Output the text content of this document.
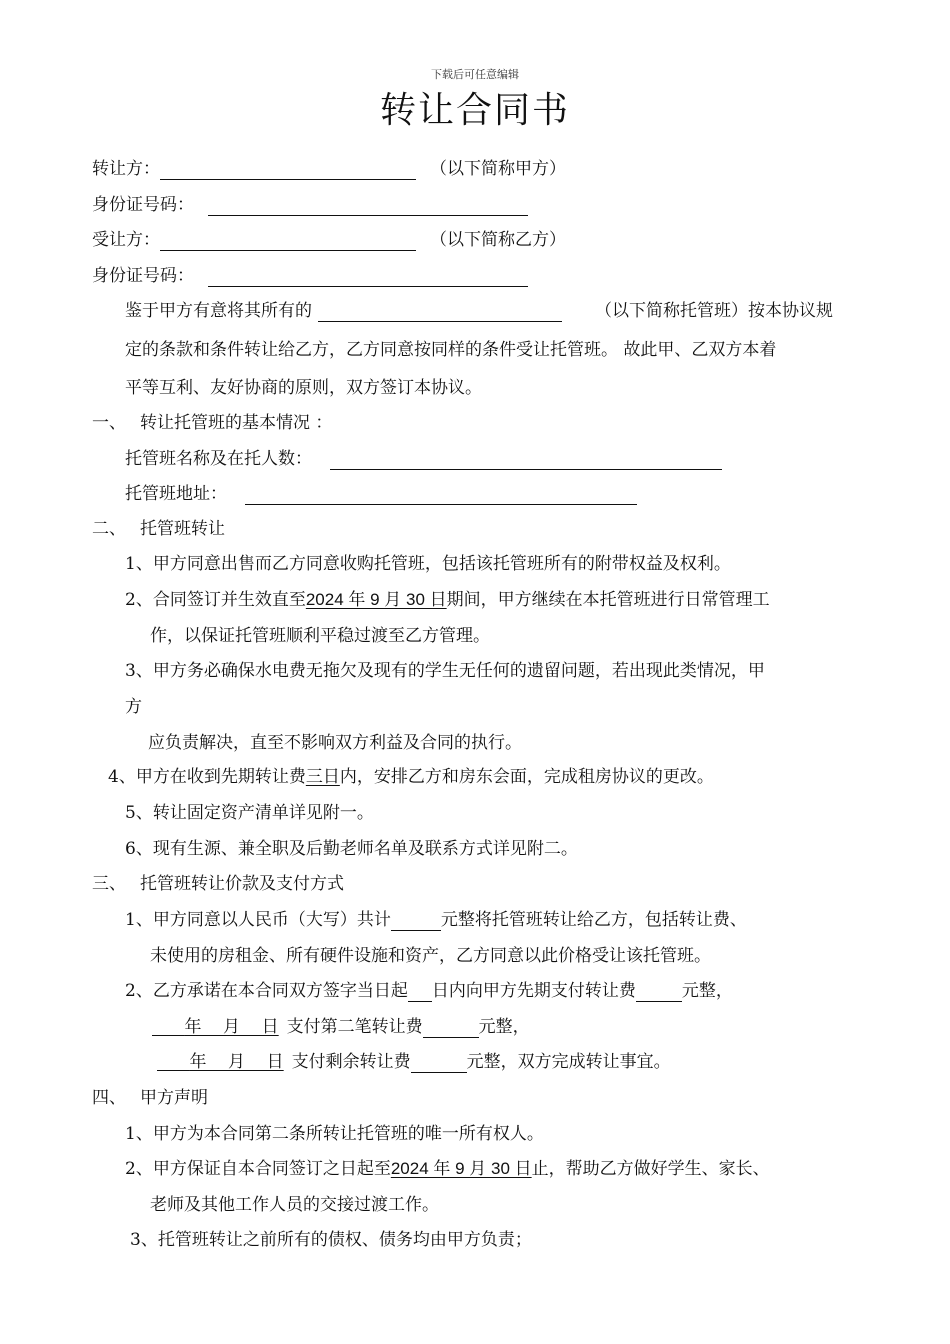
下载后可任意编辑
转让合同书
转让方：	（以下简称甲方）
身份证号码：
受让方：	（以下简称乙方）
身份证号码：
鉴于甲方有意将其所有的	（以下简称托管班）按本协议规
定的条款和条件转让给乙方，乙方同意按同样的条件受让托管班。 故此甲、乙双方本着
平等互利、友好协商的原则，双方签订本协议。
一、 转让托管班的基本情况 ：
托管班名称及在托人数：
托管班地址：
二、 托管班转让
1、甲方同意出售而乙方同意收购托管班，包括该托管班所有的附带权益及权利。
2、合同签订并生效直至2024 年 9 月 30 日期间，甲方继续在本托管班进行日常管理工
作，以保证托管班顺利平稳过渡至乙方管理。
3、甲方务必确保水电费无拖欠及现有的学生无任何的遗留问题，若出现此类情况，甲
方
应负责解决，直至不影响双方利益及合同的执行。
4、甲方在收到先期转让费三日内，安排乙方和房东会面，完成租房协议的更改。
5、转让固定资产清单详见附一。
6、现有生源、兼全职及后勤老师名单及联系方式详见附二。
三、 托管班转让价款及支付方式
1、甲方同意以人民币（大写）共计	元整将托管班转让给乙方，包括转让费、
未使用的房租金、所有硬件设施和资产，乙方同意以此价格受让该托管班。
2、乙方承诺在本合同双方签字当日起 日内向甲方先期支付转让费	元整，
年    月    日 支付第二笔转让费	元整，
年    月    日 支付剩余转让费	元整，双方完成转让事宜。
四、 甲方声明
1、甲方为本合同第二条所转让托管班的唯一所有权人。
2、甲方保证自本合同签订之日起至2024 年 9 月 30 日止，帮助乙方做好学生、家长、
老师及其他工作人员的交接过渡工作。
3、托管班转让之前所有的债权、债务均由甲方负责；
